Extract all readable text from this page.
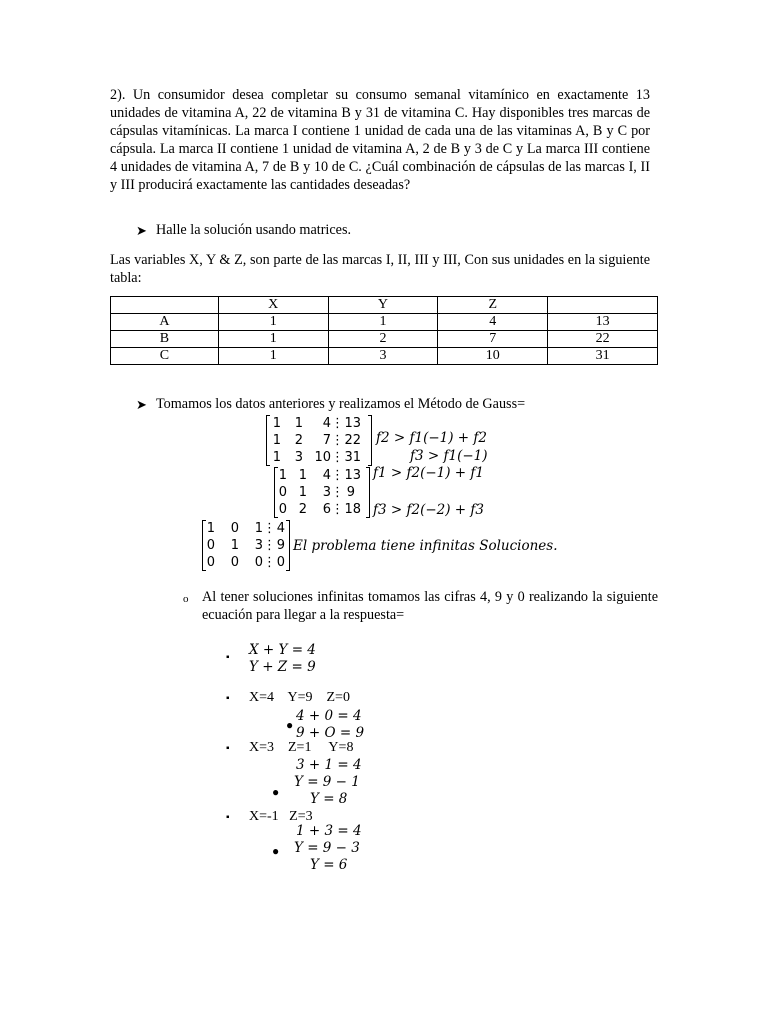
2). Un consumidor desea completar su consumo semanal vitamínico en exactamente 13 unidades de vitamina A, 22 de vitamina B y 31 de vitamina C. Hay disponibles tres marcas de cápsulas vitamínicas. La marca I contiene 1 unidad de cada una de las vitaminas A, B y C por cápsula. La marca II contiene 1 unidad de vitamina A, 2 de B y 3 de C y La marca III contiene 4 unidades de vitamina A, 7 de B y 10 de C. ¿Cuál combinación de cápsulas de las marcas I, II y III producirá exactamente las cantidades deseadas?
➤ Halle la solución usando matrices.
Las variables X, Y & Z, son parte de las marcas I, II, III y III, Con sus unidades en la siguiente tabla:
	X	Y	Z	
A	1	1	4	13
B	1	2	7	22
C	1	3	10	31
➤ Tomamos los datos anteriores y realizamos el Método de Gauss=
1	1	4 ⋮ 13
1	2	7 ⋮ 22
1	3 10 ⋮ 31
f2 > f1(−1) + f2
f3 > f1(−1)
1 1	4 ⋮ 13
0 1	3 ⋮ 9
0 2	6 ⋮ 18
f1 > f2(−1) + f1
f3 > f2(−2) + f3
1	0	1 ⋮ 4
0	1	3 ⋮ 9
0	0	0 ⋮ 0
El problema tiene infinitas Soluciones.
o Al tener soluciones infinitas tomamos las cifras 4, 9 y 0 realizando la siguiente ecuación para llegar a la respuesta=
▪ X + Y = 4
Y + Z = 9
▪ X=4    Y=9    Z=0
●
4 + 0 = 4
9 + O = 9
▪ X=3    Z=1     Y=8
●
3 + 1 = 4
Y = 9 − 1
Y = 8
▪ X=-1   Z=3
●
1 + 3 = 4
Y = 9 − 3
Y = 6
